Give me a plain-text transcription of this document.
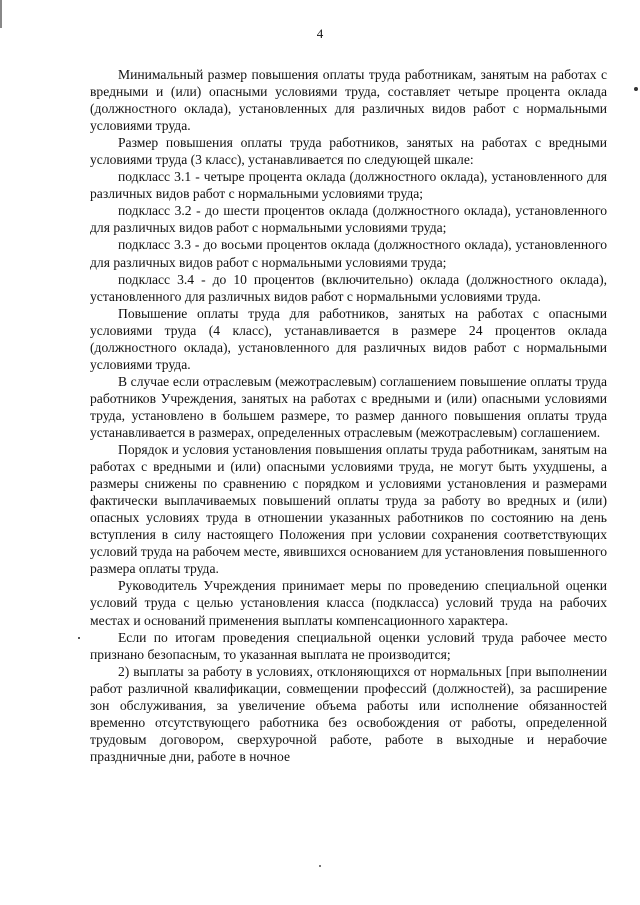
4

Минимальный размер повышения оплаты труда работникам, занятым на работах с вредными и (или) опасными условиями труда, составляет четыре процента оклада (должностного оклада), установленных для различных видов работ с нормальными условиями труда.

Размер повышения оплаты труда работников, занятых на работах с вредными условиями труда (3 класс), устанавливается по следующей шкале:

подкласс 3.1 - четыре процента оклада (должностного оклада), установленного для различных видов работ с нормальными условиями труда;

подкласс 3.2 - до шести процентов оклада (должностного оклада), установленного для различных видов работ с нормальными условиями труда;

подкласс 3.3 - до восьми процентов оклада (должностного оклада), установленного для различных видов работ с нормальными условиями труда;

подкласс 3.4 - до 10 процентов (включительно) оклада (должностного оклада), установленного для различных видов работ с нормальными условиями труда.

Повышение оплаты труда для работников, занятых на работах с опасными условиями труда (4 класс), устанавливается в размере 24 процентов оклада (должностного оклада), установленного для различных видов работ с нормальными условиями труда.

В случае если отраслевым (межотраслевым) соглашением повышение оплаты труда работников Учреждения, занятых на работах с вредными и (или) опасными условиями труда, установлено в большем размере, то размер данного повышения оплаты труда устанавливается в размерах, определенных отраслевым (межотраслевым) соглашением.

Порядок и условия установления повышения оплаты труда работникам, занятым на работах с вредными и (или) опасными условиями труда, не могут быть ухудшены, а размеры снижены по сравнению с порядком и условиями установления и размерами фактически выплачиваемых повышений оплаты труда за работу во вредных и (или) опасных условиях труда в отношении указанных работников по состоянию на день вступления в силу настоящего Положения при условии сохранения соответствующих условий труда на рабочем месте, явившихся основанием для установления повышенного размера оплаты труда.

Руководитель Учреждения принимает меры по проведению специальной оценки условий труда с целью установления класса (подкласса) условий труда на рабочих местах и оснований применения выплаты компенсационного характера.

Если по итогам проведения специальной оценки условий труда рабочее место признано безопасным, то указанная выплата не производится;

2) выплаты за работу в условиях, отклоняющихся от нормальных [при выполнении работ различной квалификации, совмещении профессий (должностей), за расширение зон обслуживания, за увеличение объема работы или исполнение обязанностей временно отсутствующего работника без освобождения от работы, определенной трудовым договором, сверхурочной работе, работе в выходные и нерабочие праздничные дни, работе в ночное
